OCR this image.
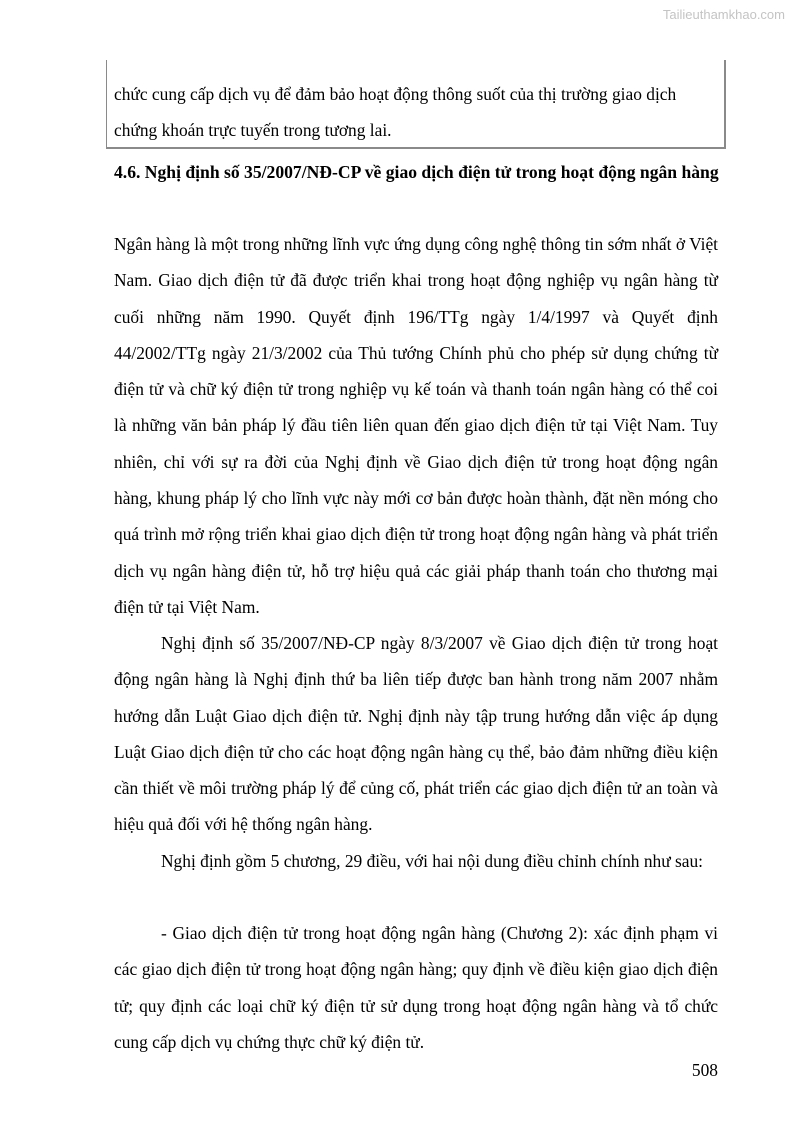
Tailieuthamkhao.com

chức cung cấp dịch vụ để đảm bảo hoạt động thông suốt của thị trường giao dịch

chứng khoán trực tuyến trong tương lai.

4.6. Nghị định số 35/2007/NĐ-CP về giao dịch điện tử trong hoạt động ngân hàng

Ngân hàng là một trong những lĩnh vực ứng dụng công nghệ thông tin sớm nhất ở Việt Nam. Giao dịch điện tử đã được triển khai trong hoạt động nghiệp vụ ngân hàng từ cuối những năm 1990. Quyết định 196/TTg ngày 1/4/1997 và Quyết định 44/2002/TTg ngày 21/3/2002 của Thủ tướng Chính phủ cho phép sử dụng chứng từ điện tử và chữ ký điện tử trong nghiệp vụ kế toán và thanh toán ngân hàng có thể coi là những văn bản pháp lý đầu tiên liên quan đến giao dịch điện tử tại Việt Nam. Tuy nhiên, chỉ với sự ra đời của Nghị định về Giao dịch điện tử trong hoạt động ngân hàng, khung pháp lý cho lĩnh vực này mới cơ bản được hoàn thành, đặt nền móng cho quá trình mở rộng triển khai giao dịch điện tử trong hoạt động ngân hàng và phát triển dịch vụ ngân hàng điện tử, hỗ trợ hiệu quả các giải pháp thanh toán cho thương mại điện tử tại Việt Nam.

Nghị định số 35/2007/NĐ-CP ngày 8/3/2007 về Giao dịch điện tử trong hoạt động ngân hàng là Nghị định thứ ba liên tiếp được ban hành trong năm 2007 nhằm hướng dẫn Luật Giao dịch điện tử. Nghị định này tập trung hướng dẫn việc áp dụng Luật Giao dịch điện tử cho các hoạt động ngân hàng cụ thể, bảo đảm những điều kiện cần thiết về môi trường pháp lý để củng cố, phát triển các giao dịch điện tử an toàn và hiệu quả đối với hệ thống ngân hàng.

Nghị định gồm 5 chương, 29 điều, với hai nội dung điều chỉnh chính như sau:

- Giao dịch điện tử trong hoạt động ngân hàng (Chương 2): xác định phạm vi các giao dịch điện tử trong hoạt động ngân hàng; quy định về điều kiện giao dịch điện tử; quy định các loại chữ ký điện tử sử dụng trong hoạt động ngân hàng và tổ chức cung cấp dịch vụ chứng thực chữ ký điện tử.

508
